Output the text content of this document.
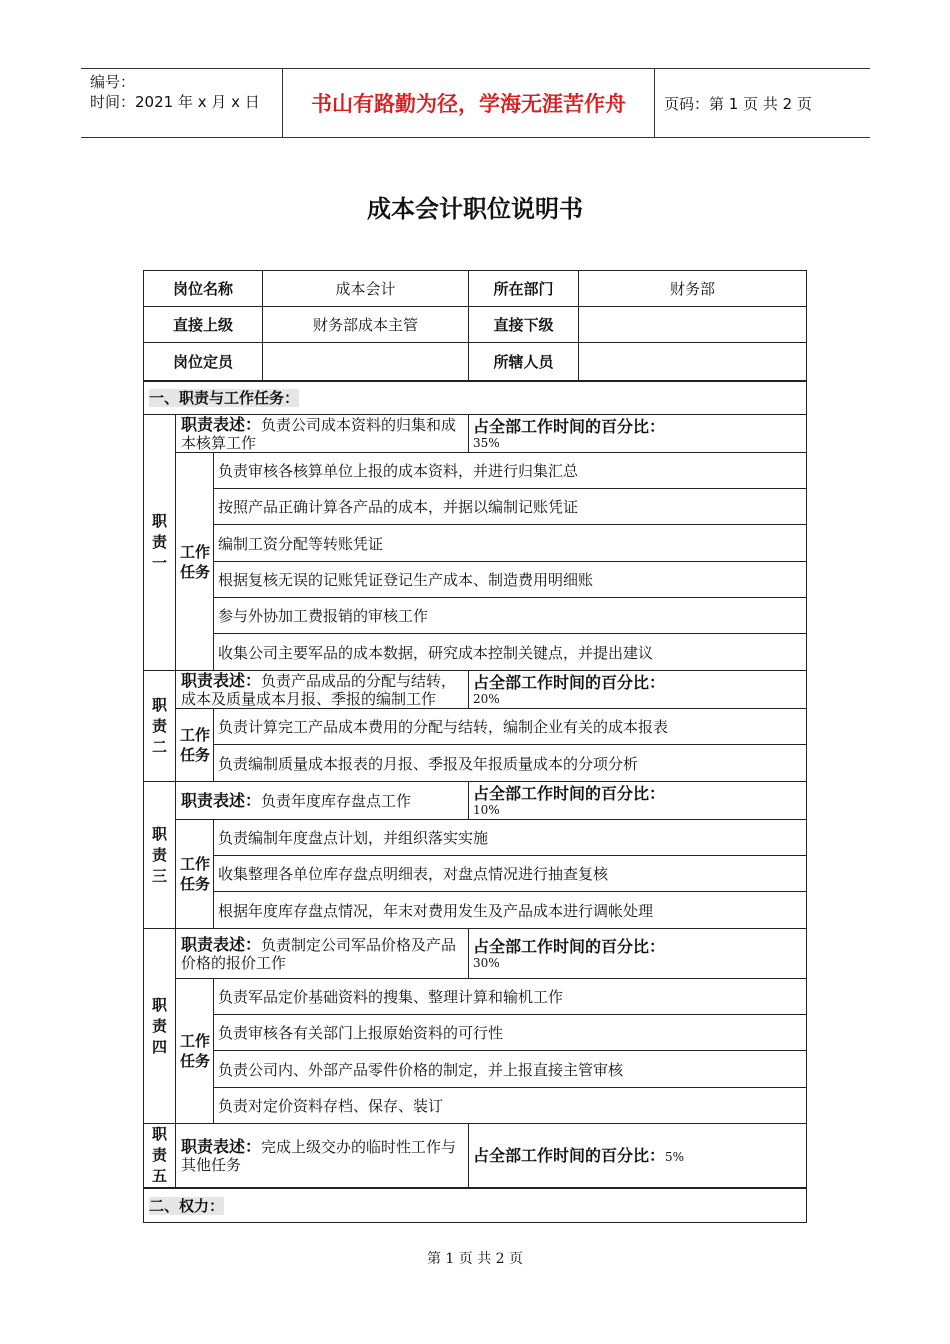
编号：
时间：2021 年 x 月 x 日	书山有路勤为径，学海无涯苦作舟	页码：第 1 页 共 2 页
成本会计职位说明书
岗位名称			成本会计	所在部门	财务部
直接上级			财务部成本主管	直接下级	
岗位定员				所辖人员	
一、职责与工作任务：					

职责一	职责表述：负责公司成本资料的归集和成本核算工作			占全部工作时间的百分比：
35%	

	工作任务	负责审核各核算单位上报的成本资料，并进行归集汇总			
		按照产品正确计算各产品的成本，并据以编制记账凭证			
		编制工资分配等转账凭证			
		根据复核无误的记账凭证登记生产成本、制造费用明细账			
		参与外协加工费报销的审核工作			
		收集公司主要军品的成本数据，研究成本控制关键点，并提出建议			

职责二	职责表述：负责产品成品的分配与结转，成本及质量成本月报、季报的编制工作			占全部工作时间的百分比：
20%	

	工作任务	负责计算完工产品成本费用的分配与结转，编制企业有关的成本报表			
		负责编制质量成本报表的月报、季报及年报质量成本的分项分析			

职责三	职责表述：负责年度库存盘点工作			占全部工作时间的百分比：
10%	

	工作任务	负责编制年度盘点计划，并组织落实实施			
		收集整理各单位库存盘点明细表，对盘点情况进行抽查复核			
		根据年度库存盘点情况，年末对费用发生及产品成本进行调帐处理			

职责四	职责表述：负责制定公司军品价格及产品价格的报价工作			占全部工作时间的百分比：
30%	

	工作任务	负责军品定价基础资料的搜集、整理计算和输机工作			
		负责审核各有关部门上报原始资料的可行性			
		负责公司内、外部产品零件价格的制定，并上报直接主管审核			
		负责对定价资料存档、保存、装订			

职责五	职责表述：完成上级交办的临时性工作与其他任务			占全部工作时间的百分比：5%	
二、权力：					
第 1 页 共 2 页
